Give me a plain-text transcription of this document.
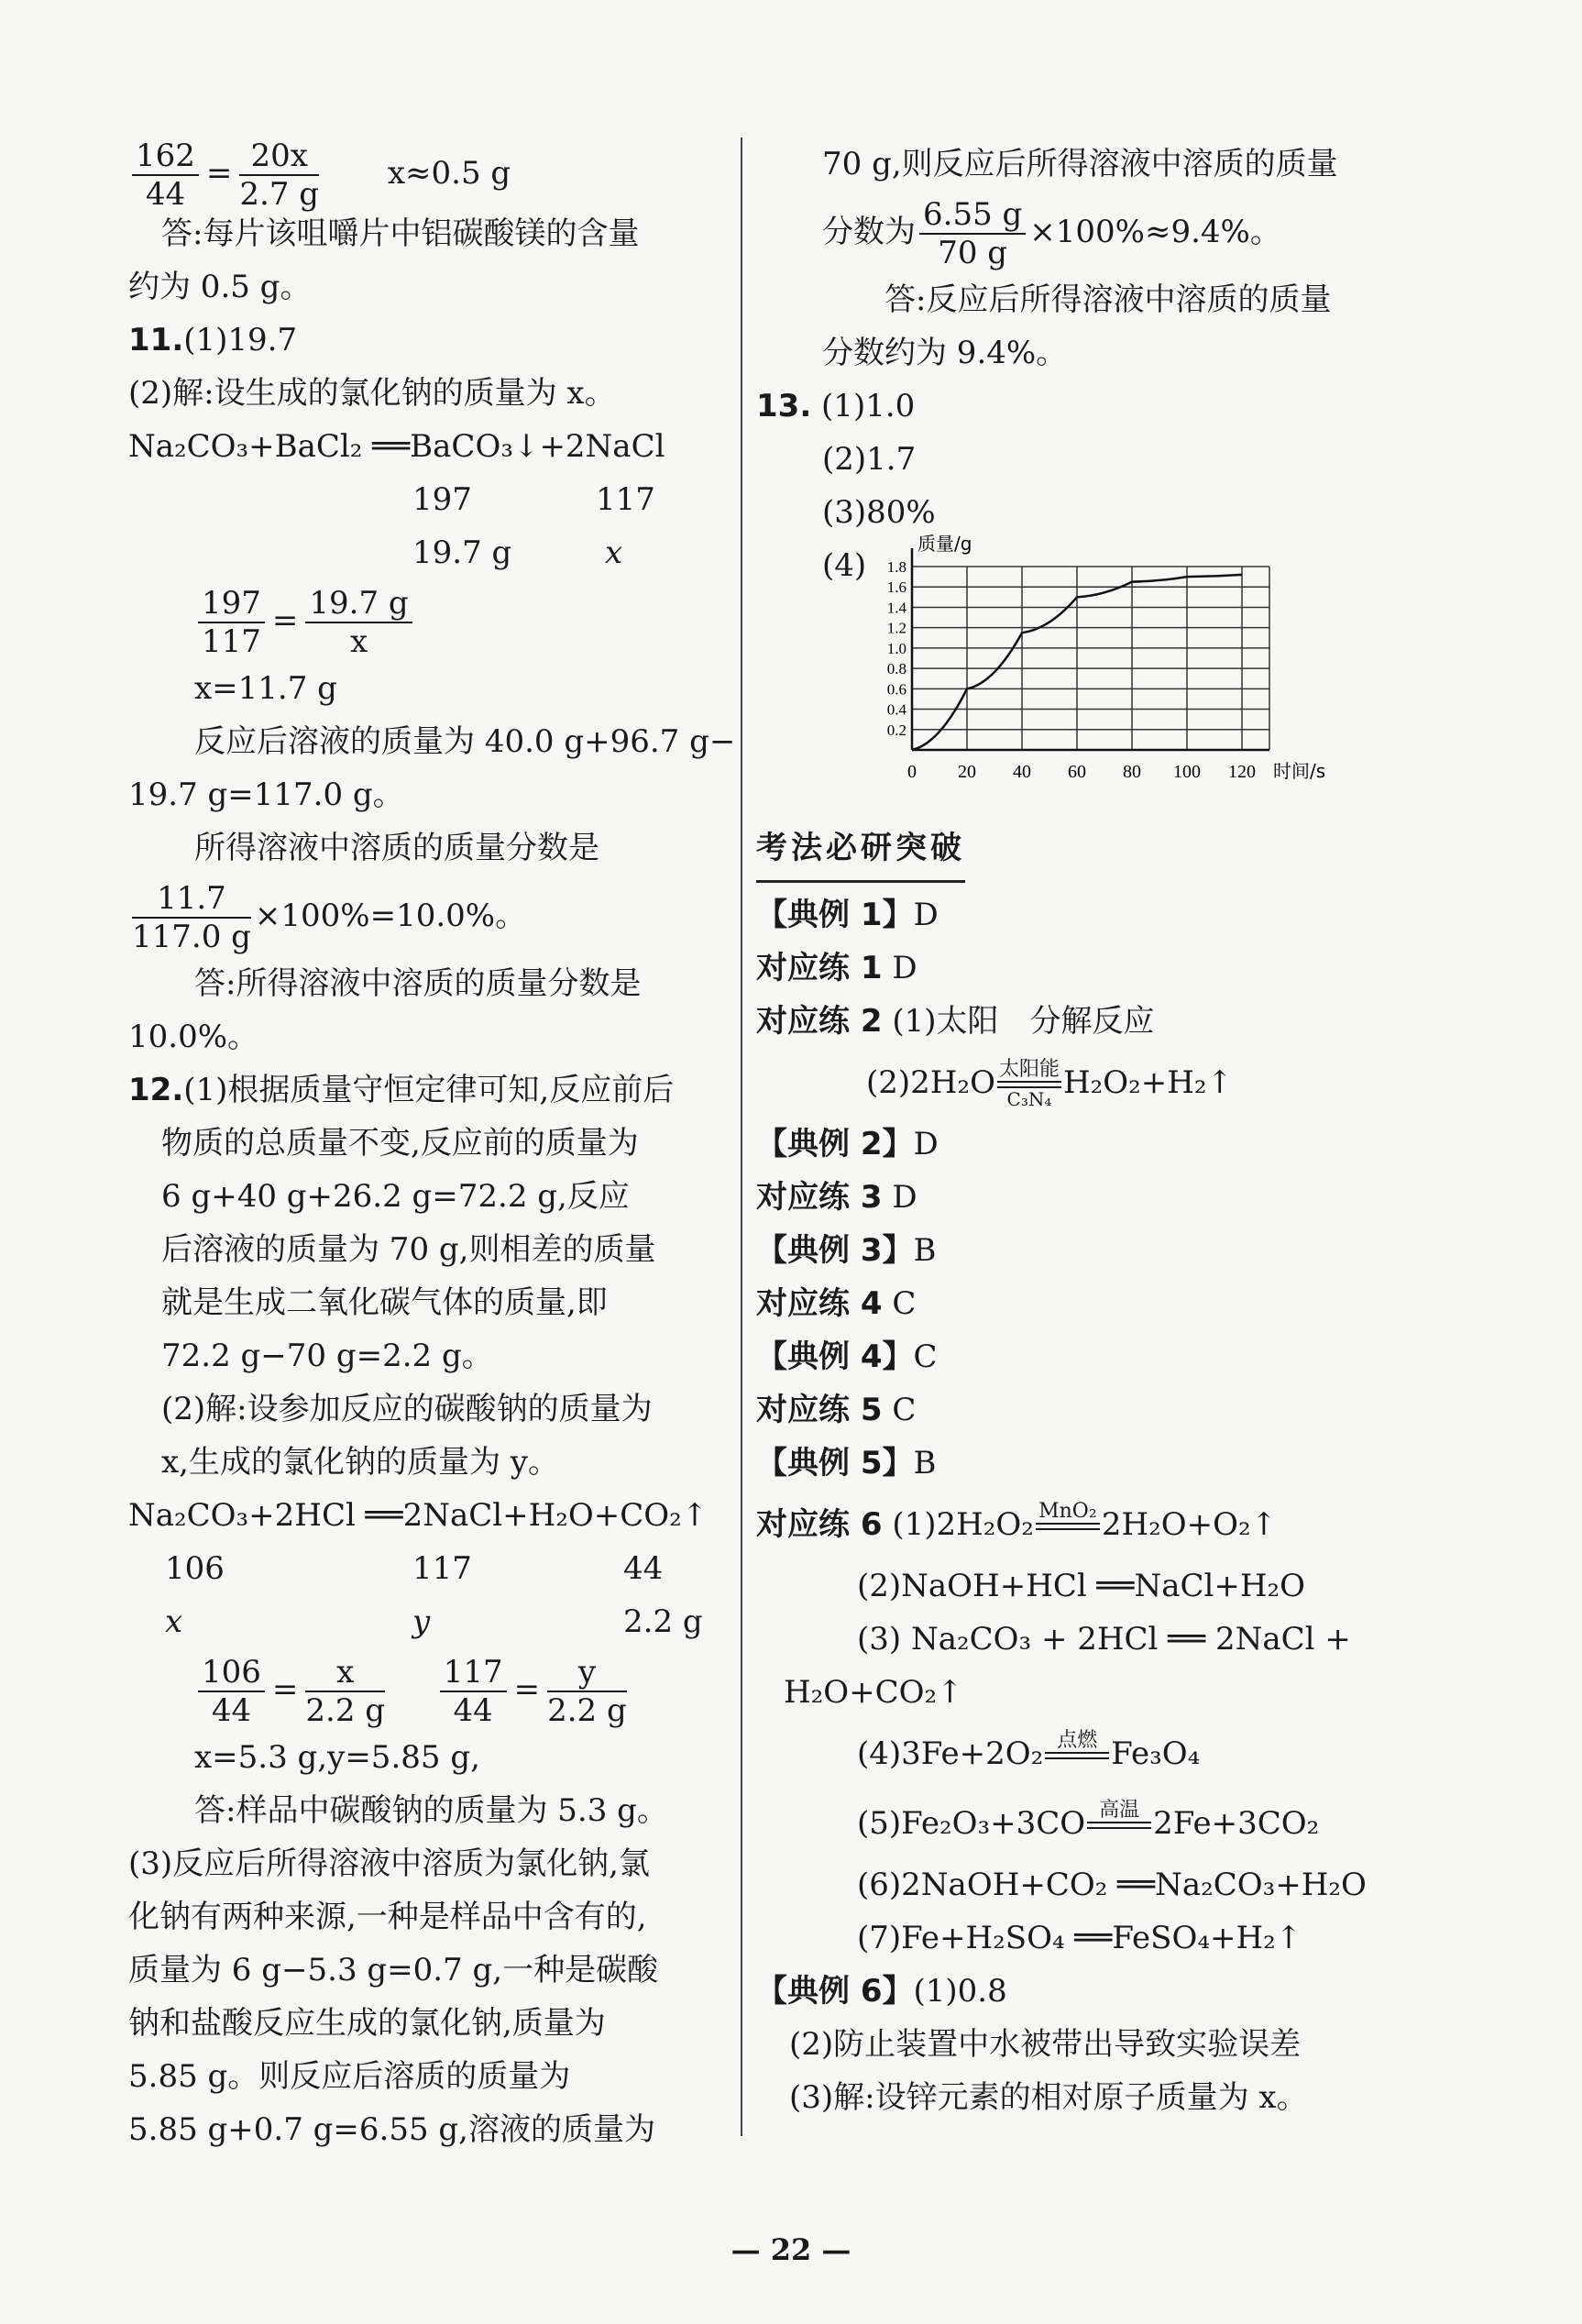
$\frac{162}{44} = \frac{20x}{2.7 g} x\approx 0.5$ g
答:每片该咀嚼片中铝碳酸镁的含量
约为 0.5 g。
11.(1)19.7
(2)解:设生成的氯化钠的质量为 x。
Na₂CO₃+BaCl₂ ══BaCO₃↓+2NaCl
197	117

19.7 g	x

$\frac{197}{117} = \frac{19.7 g}{x}$
x=11.7 g
反应后溶液的质量为 40.0 g+96.7 g−
19.7 g=117.0 g。
所得溶液中溶质的质量分数是
$\frac{11.7}{117.0 g} \times 100\%=10.0\%$。
答:所得溶液中溶质的质量分数是
10.0%。
12.(1)根据质量守恒定律可知,反应前后
物质的总质量不变,反应前的质量为
6 g+40 g+26.2 g=72.2 g,反应
后溶液的质量为 70 g,则相差的质量
就是生成二氧化碳气体的质量,即
72.2 g−70 g=2.2 g。
(2)解:设参加反应的碳酸钠的质量为
x,生成的氯化钠的质量为 y。
Na₂CO₃+2HCl ══2NaCl+H₂O+CO₂↑
106	117	44

x	y	2.2 g

$\frac{106}{44} = \frac{x}{2.2 g}$
$\frac{117}{44} = \frac{y}{2.2 g}$
x=5.3 g,y=5.85 g,
答:样品中碳酸钠的质量为 5.3 g。
(3)反应后所得溶液中溶质为氯化钠,氯
化钠有两种来源,一种是样品中含有的,
质量为 6 g−5.3 g=0.7 g,一种是碳酸
钠和盐酸反应生成的氯化钠,质量为
5.85 g。则反应后溶质的质量为
5.85 g+0.7 g=6.55 g,溶液的质量为
70 g,则反应后所得溶液中溶质的质量
分数为 $\frac{6.55 g}{70 g} \times 100\%\approx 9.4\%$。
答:反应后所得溶液中溶质的质量
分数约为 9.4%。
13. (1)1.0
(2)1.7
(3)80%
(4)
0.2
0.4
0.6
0.8
1.0
1.2
1.4
1.6
1.8
0 20 40 60 80 100 120
质量/g
时间/s
考法必研突破
【典例 1】D
对应练 1 D
对应练 2 (1)太阳　分解反应
(2)2H₂O 太阳能
C₃N₄ H₂O₂+H₂↑
【典例 2】D
对应练 3 D
【典例 3】B
对应练 4 C
【典例 4】C
对应练 5 C
【典例 5】B
对应练 6 (1)2H₂O₂ MnO₂
2H₂O+O₂↑
(2)NaOH+HCl ══NaCl+H₂O
(3) Na₂CO₃ + 2HCl ══ 2NaCl +
H₂O+CO₂↑
(4)3Fe+2O₂ 点燃
Fe₃O₄
(5)Fe₂O₃+3CO 高温
2Fe+3CO₂
(6)2NaOH+CO₂ ══Na₂CO₃+H₂O
(7)Fe+H₂SO₄ ══FeSO₄+H₂↑
【典例 6】(1)0.8
(2)防止装置中水被带出导致实验误差
(3)解:设锌元素的相对原子质量为 x。
— 22 —
